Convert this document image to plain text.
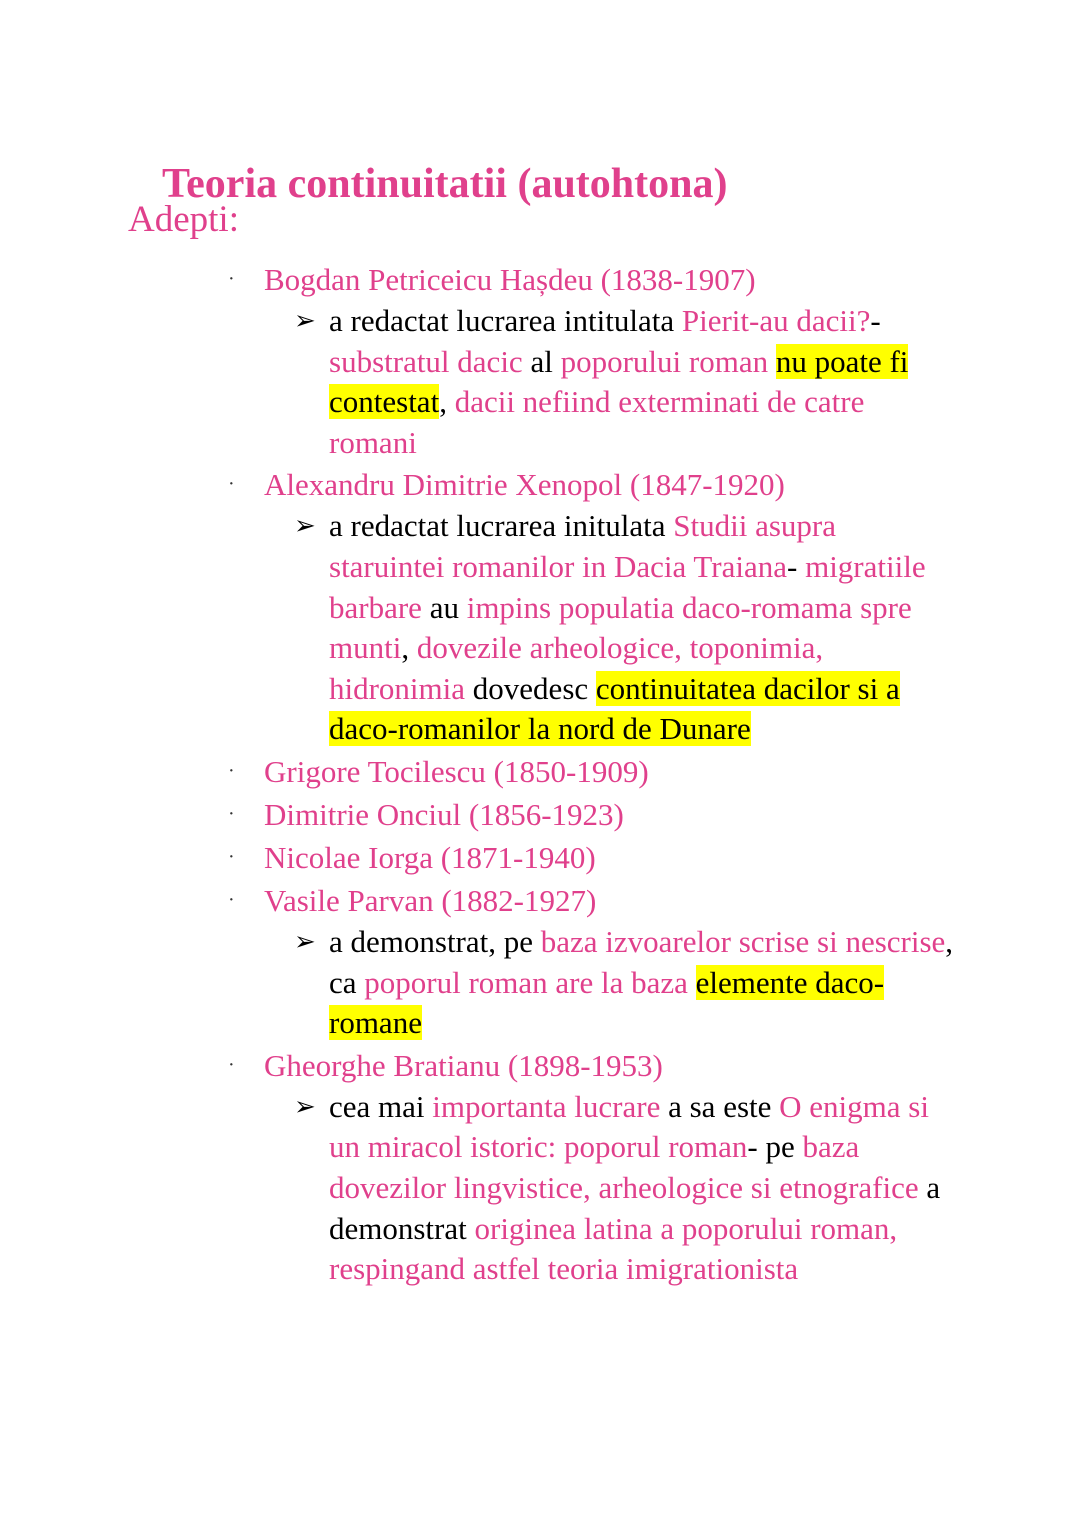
Teoria continuitatii (autohtona)
Adepti:
· Bogdan Petriceicu Hașdeu (1838-1907)

➢ a redactat lucrarea intitulata Pierit-au dacii?- substratul dacic al poporului roman nu poate fi contestat, dacii nefiind exterminati de catre romani

· Alexandru Dimitrie Xenopol (1847-1920)

➢ a redactat lucrarea initulata Studii asupra staruintei romanilor in Dacia Traiana- migratiile barbare au impins populatia daco-romama spre munti, dovezile arheologice, toponimia, hidronimia dovedesc continuitatea dacilor si a daco-romanilor la nord de Dunare

· Grigore Tocilescu (1850-1909)
· Dimitrie Onciul (1856-1923)
· Nicolae Iorga (1871-1940)
· Vasile Parvan (1882-1927)

➢ a demonstrat, pe baza izvoarelor scrise si nescrise, ca poporul roman are la baza elemente daco-romane

· Gheorghe Bratianu (1898-1953)

➢ cea mai importanta lucrare a sa este O enigma si un miracol istoric: poporul roman- pe baza dovezilor lingvistice, arheologice si etnografice a demonstrat originea latina a poporului roman, respingand astfel teoria imigrationista
